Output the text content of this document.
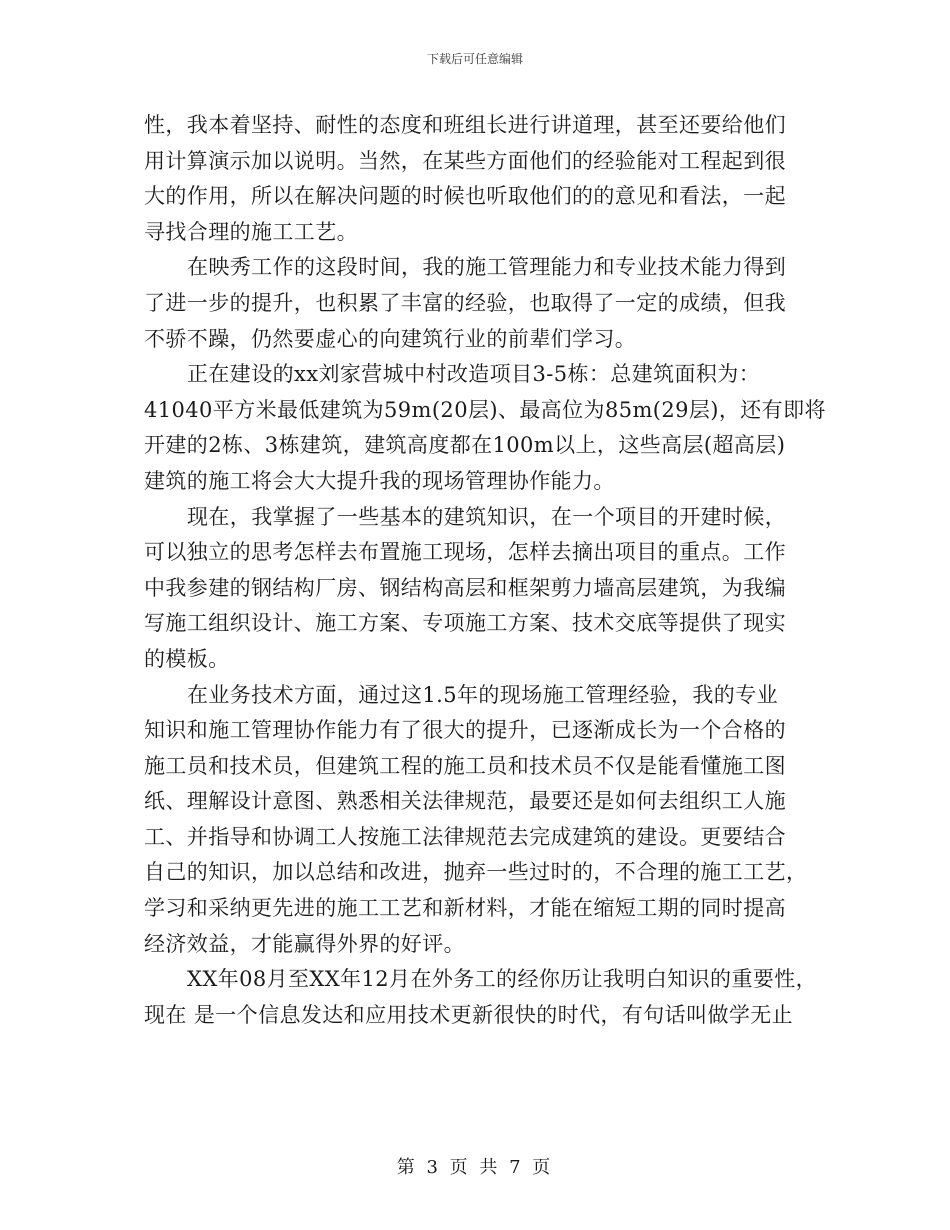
下载后可任意编辑
性，我本着坚持、耐性的态度和班组长进行讲道理，甚至还要给他们
用计算演示加以说明。当然，在某些方面他们的经验能对工程起到很
大的作用，所以在解决问题的时候也听取他们的的意见和看法，一起
寻找合理的施工工艺。
在映秀工作的这段时间，我的施工管理能力和专业技术能力得到
了进一步的提升，也积累了丰富的经验，也取得了一定的成绩，但我
不骄不躁，仍然要虚心的向建筑行业的前辈们学习。
正在建设的xx刘家营城中村改造项目3-5栋：总建筑面积为：
41040平方米最低建筑为59m(20层)、最高位为85m(29层)，还有即将
开建的2栋、3栋建筑，建筑高度都在100m以上，这些高层(超高层)
建筑的施工将会大大提升我的现场管理协作能力。
现在，我掌握了一些基本的建筑知识，在一个项目的开建时候，
可以独立的思考怎样去布置施工现场，怎样去摘出项目的重点。工作
中我参建的钢结构厂房、钢结构高层和框架剪力墙高层建筑，为我编
写施工组织设计、施工方案、专项施工方案、技术交底等提供了现实
的模板。
在业务技术方面，通过这1.5年的现场施工管理经验，我的专业
知识和施工管理协作能力有了很大的提升，已逐渐成长为一个合格的
施工员和技术员，但建筑工程的施工员和技术员不仅是能看懂施工图
纸、理解设计意图、熟悉相关法律规范，最要还是如何去组织工人施
工、并指导和协调工人按施工法律规范去完成建筑的建设。更要结合
自己的知识，加以总结和改进，抛弃一些过时的，不合理的施工工艺，
学习和采纳更先进的施工工艺和新材料，才能在缩短工期的同时提高
经济效益，才能赢得外界的好评。
XX年08月至XX年12月在外务工的经你历让我明白知识的重要性，
现在 是一个信息发达和应用技术更新很快的时代，有句话叫做学无止
第 3 页 共 7 页
